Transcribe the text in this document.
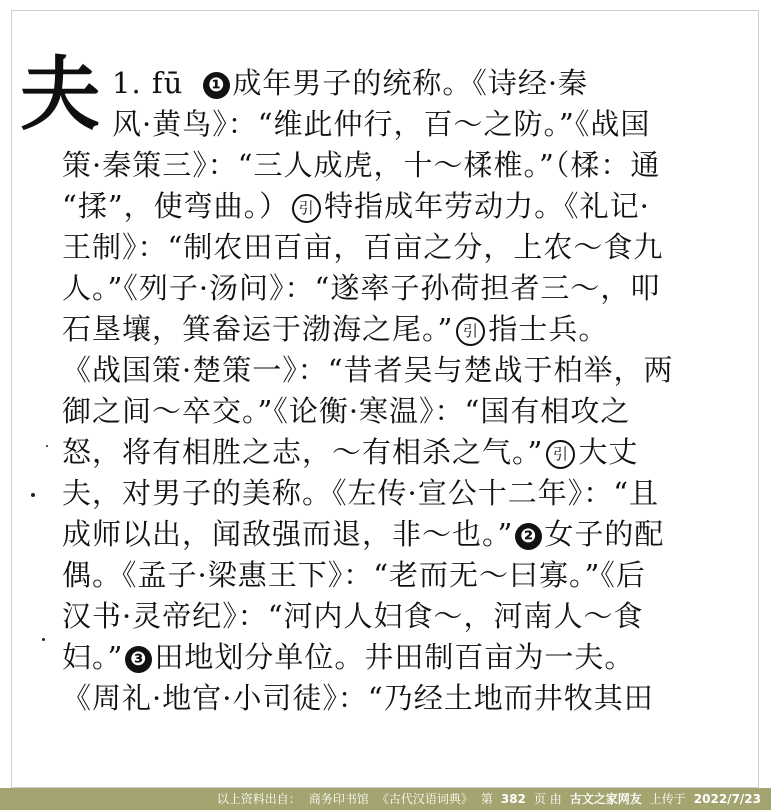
夫 1. fū ❶ 成年男子的统称。《诗经·秦
风·黄鸟》：“维此仲行，百～之防。”《战国
策·秦策三》：“三人成虎，十～楺椎。”（楺：通
“揉”，使弯曲。） 引 特指成年劳动力。《礼记·
王制》：“制农田百亩，百亩之分，上农～食九
人。”《列子·汤问》：“遂率子孙荷担者三～，叩
石垦壤，箕畚运于渤海之尾。” 引 指士兵。
《战国策·楚策一》：“昔者吴与楚战于柏举，两
御之间～卒交。”《论衡·寒温》：“国有相攻之
怒，将有相胜之志，～有相杀之气。” 引 大丈
夫，对男子的美称。《左传·宣公十二年》：“且
成师以出，闻敌强而退，非～也。” ❷ 女子的配
偶。《孟子·梁惠王下》：“老而无～曰寡。”《后
汉书·灵帝纪》：“河内人妇食～，河南人～食
妇。” ❸ 田地划分单位。井田制百亩为一夫。
《周礼·地官·小司徒》：“乃经土地而井牧其田
以上资料出自： 商务印书馆 《古代汉语词典》 第 382 页 由 古文之家网友 上传于 2022/7/23
